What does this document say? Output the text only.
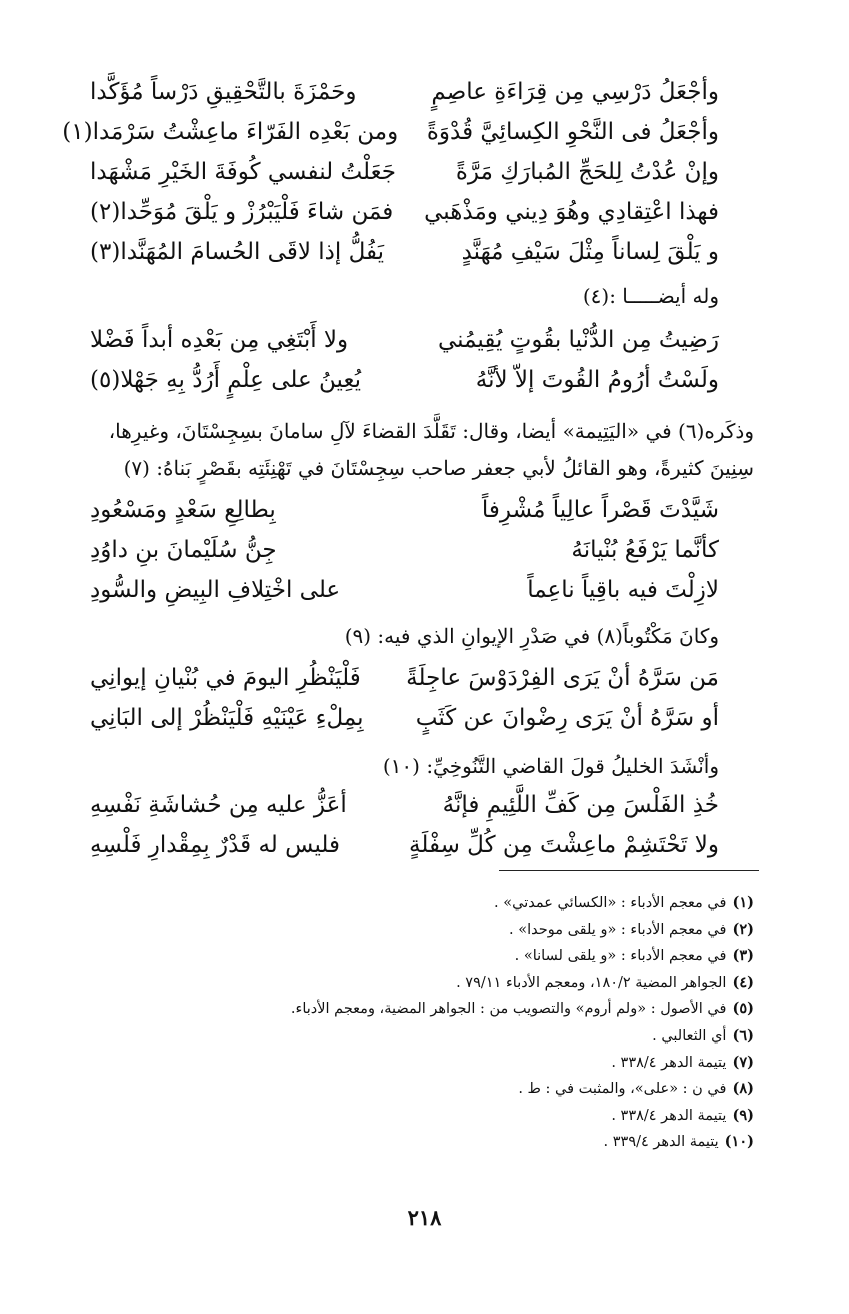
وأجْعَلُ دَرْسِي مِن قِرَاءَةِ عاصِمٍ
وحَمْزَةَ بالتَّحْقِيقِ دَرْساً مُؤَكَّدا
وأجْعَلُ فى النَّحْوِ الكِسائِيَّ قُدْوَةً
ومن بَعْدِه الفَرّاءَ ماعِشْتُ سَرْمَدا(١)
وإنْ عُدْتُ لِلحَجِّ المُبارَكِ مَرَّةً
جَعَلْتُ لنفسي كُوفَةَ الخَيْرِ مَشْهَدا
فهذا اعْتِقادِي وهُوَ دِيني ومَذْهَبي
فمَن شاءَ فَلْيَبْرُزْ و يَلْقَ مُوَحِّدا(٢)
و يَلْقَ لِساناً مِثْلَ سَيْفِ مُهَنَّدٍ
يَفُلُّ إذا لاقَى الحُسامَ المُهَنَّدا(٣)
وله أيضـــــا :(٤)
رَضِيتُ مِن الدُّنْيا بقُوتٍ يُقِيمُني
ولا أَبْتَغِي مِن بَعْدِه أبداً فَضْلا
ولَسْتُ أرُومُ القُوتَ إلاّ لأنَّهُ
يُعِينُ على عِلْمٍ أَرُدُّ بِهِ جَهْلا(٥)
وذكَره(٦) في «اليَتِيمة» أيضا، وقال: تَقَلَّدَ القضاءَ لآلِ سامانَ بسِجِسْتَانَ، وغيرِها،
سِنِينَ كثيرةً، وهو القائلُ لأبي جعفر صاحب سِجِسْتَانَ في تَهْنِئَتِه بقَصْرٍ بَناهُ: (٧)
شَيَّدْتَ قَصْراً عالِياً مُشْرِفاً
بِطالِعِ سَعْدٍ ومَسْعُودِ
كأنَّما يَرْفَعُ بُنْيانَهُ
جِنُّ سُلَيْمانَ بنِ داوُدِ
لازِلْتَ فيه باقِياً ناعِماً
على اخْتِلافِ البِيضِ والسُّودِ
وكانَ مَكْتُوباً(٨) في صَدْرِ الإيوانِ الذي فيه: (٩)
مَن سَرَّهُ أنْ يَرَى الفِرْدَوْسَ عاجِلَةً
فَلْيَنْظُرِ اليومَ في بُنْيانِ إيوانِي
أو سَرَّهُ أنْ يَرَى رِضْوانَ عن كَثَبٍ
بِمِلْءِ عَيْنَيْهِ فَلْيَنْظُرْ إلى البَانِي
وأنْشَدَ الخليلُ قولَ القاضي التَّنُوخِيِّ: (١٠)
خُذِ الفَلْسَ مِن كَفِّ اللَّئِيمِ فإنَّهُ
أعَزُّ عليه مِن حُشاشَةِ نَفْسِهِ
ولا تَحْتَشِمْ ماعِشْتَ مِن كُلِّ سِفْلَةٍ
فليس له قَدْرٌ بِمِقْدارِ فَلْسِهِ
(١)في معجم الأدباء : «الكسائي عمدتي» .
(٢)في معجم الأدباء : «و يلقى موحدا» .
(٣)في معجم الأدباء : «و يلقى لسانا» .
(٤)الجواهر المضية ١٨٠/٢، ومعجم الأدباء ٧٩/١١ .
(٥)في الأصول : «ولم أروم» والتصويب من : الجواهر المضية، ومعجم الأدباء.
(٦)أي الثعالبي .
(٧)يتيمة الدهر ٣٣٨/٤ .
(٨)في ن : «على»، والمثبت في : ط .
(٩)يتيمة الدهر ٣٣٨/٤ .
(١٠)يتيمة الدهر ٣٣٩/٤ .
٢١٨
